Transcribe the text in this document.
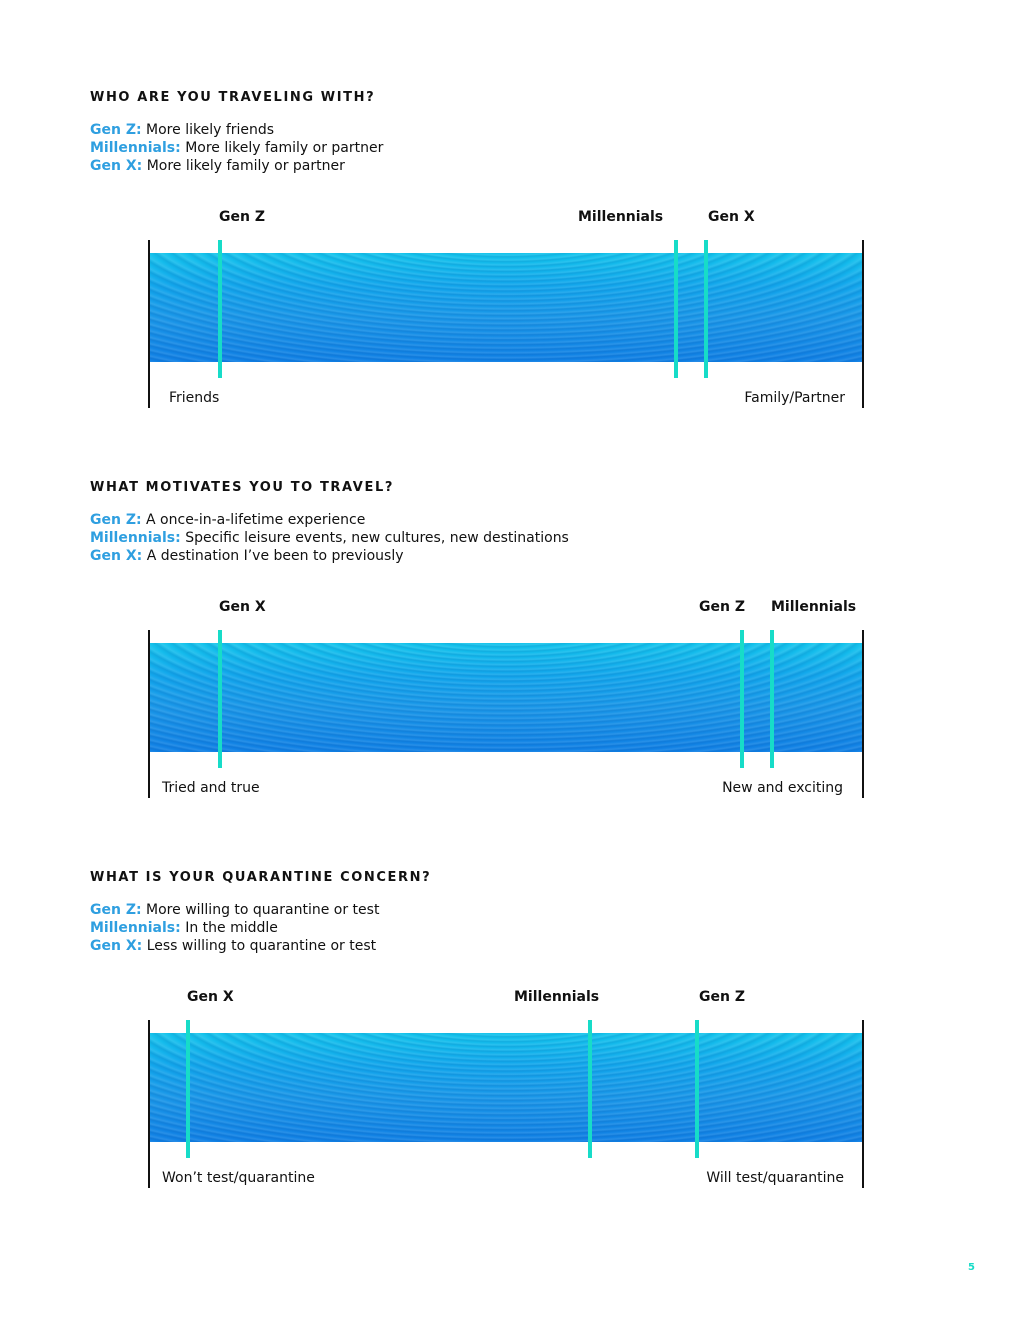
WHO ARE YOU TRAVELING WITH?
Gen Z: More likely friends
Millennials: More likely family or partner
Gen X: More likely family or partner
Gen Z	Millennials	Gen X
Friends	Family/Partner
WHAT MOTIVATES YOU TO TRAVEL?
Gen Z: A once-in-a-lifetime experience
Millennials: Specific leisure events, new cultures, new destinations
Gen X: A destination I’ve been to previously
Gen X	Gen Z Millennials
Tried and true	New and exciting
WHAT IS YOUR QUARANTINE CONCERN?
Gen Z: More willing to quarantine or test
Millennials: In the middle
Gen X: Less willing to quarantine or test
Gen X	Millennials	Gen Z
Won’t test/quarantine	Will test/quarantine
5
